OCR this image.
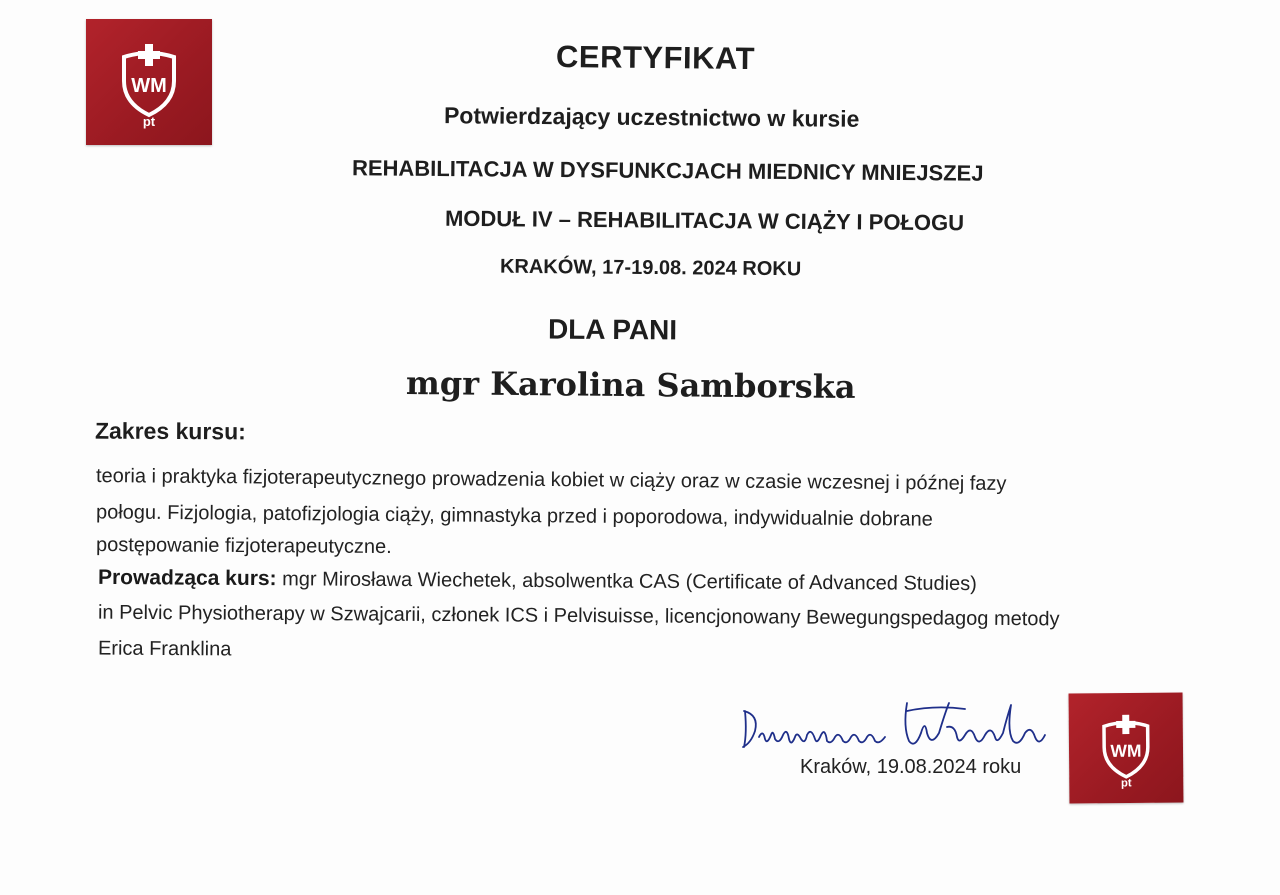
WM
pt
CERTYFIKAT
Potwierdzający uczestnictwo w kursie
REHABILITACJA W DYSFUNKCJACH MIEDNICY MNIEJSZEJ
MODUŁ IV – REHABILITACJA W CIĄŻY I POŁOGU
KRAKÓW, 17-19.08. 2024 ROKU
DLA PANI
mgr Karolina Samborska
Zakres kursu:
teoria i praktyka fizjoterapeutycznego prowadzenia kobiet w ciąży oraz w czasie wczesnej i późnej fazy
połogu. Fizjologia, patofizjologia ciąży, gimnastyka przed i poporodowa, indywidualnie dobrane
postępowanie fizjoterapeutyczne.
Prowadząca kurs: mgr Mirosława Wiechetek, absolwentka CAS (Certificate of Advanced Studies)
in Pelvic Physiotherapy w Szwajcarii, członek ICS i Pelvisuisse, licencjonowany Bewegungspedagog metody
Erica Franklina
Kraków, 19.08.2024 roku
WM
pt
